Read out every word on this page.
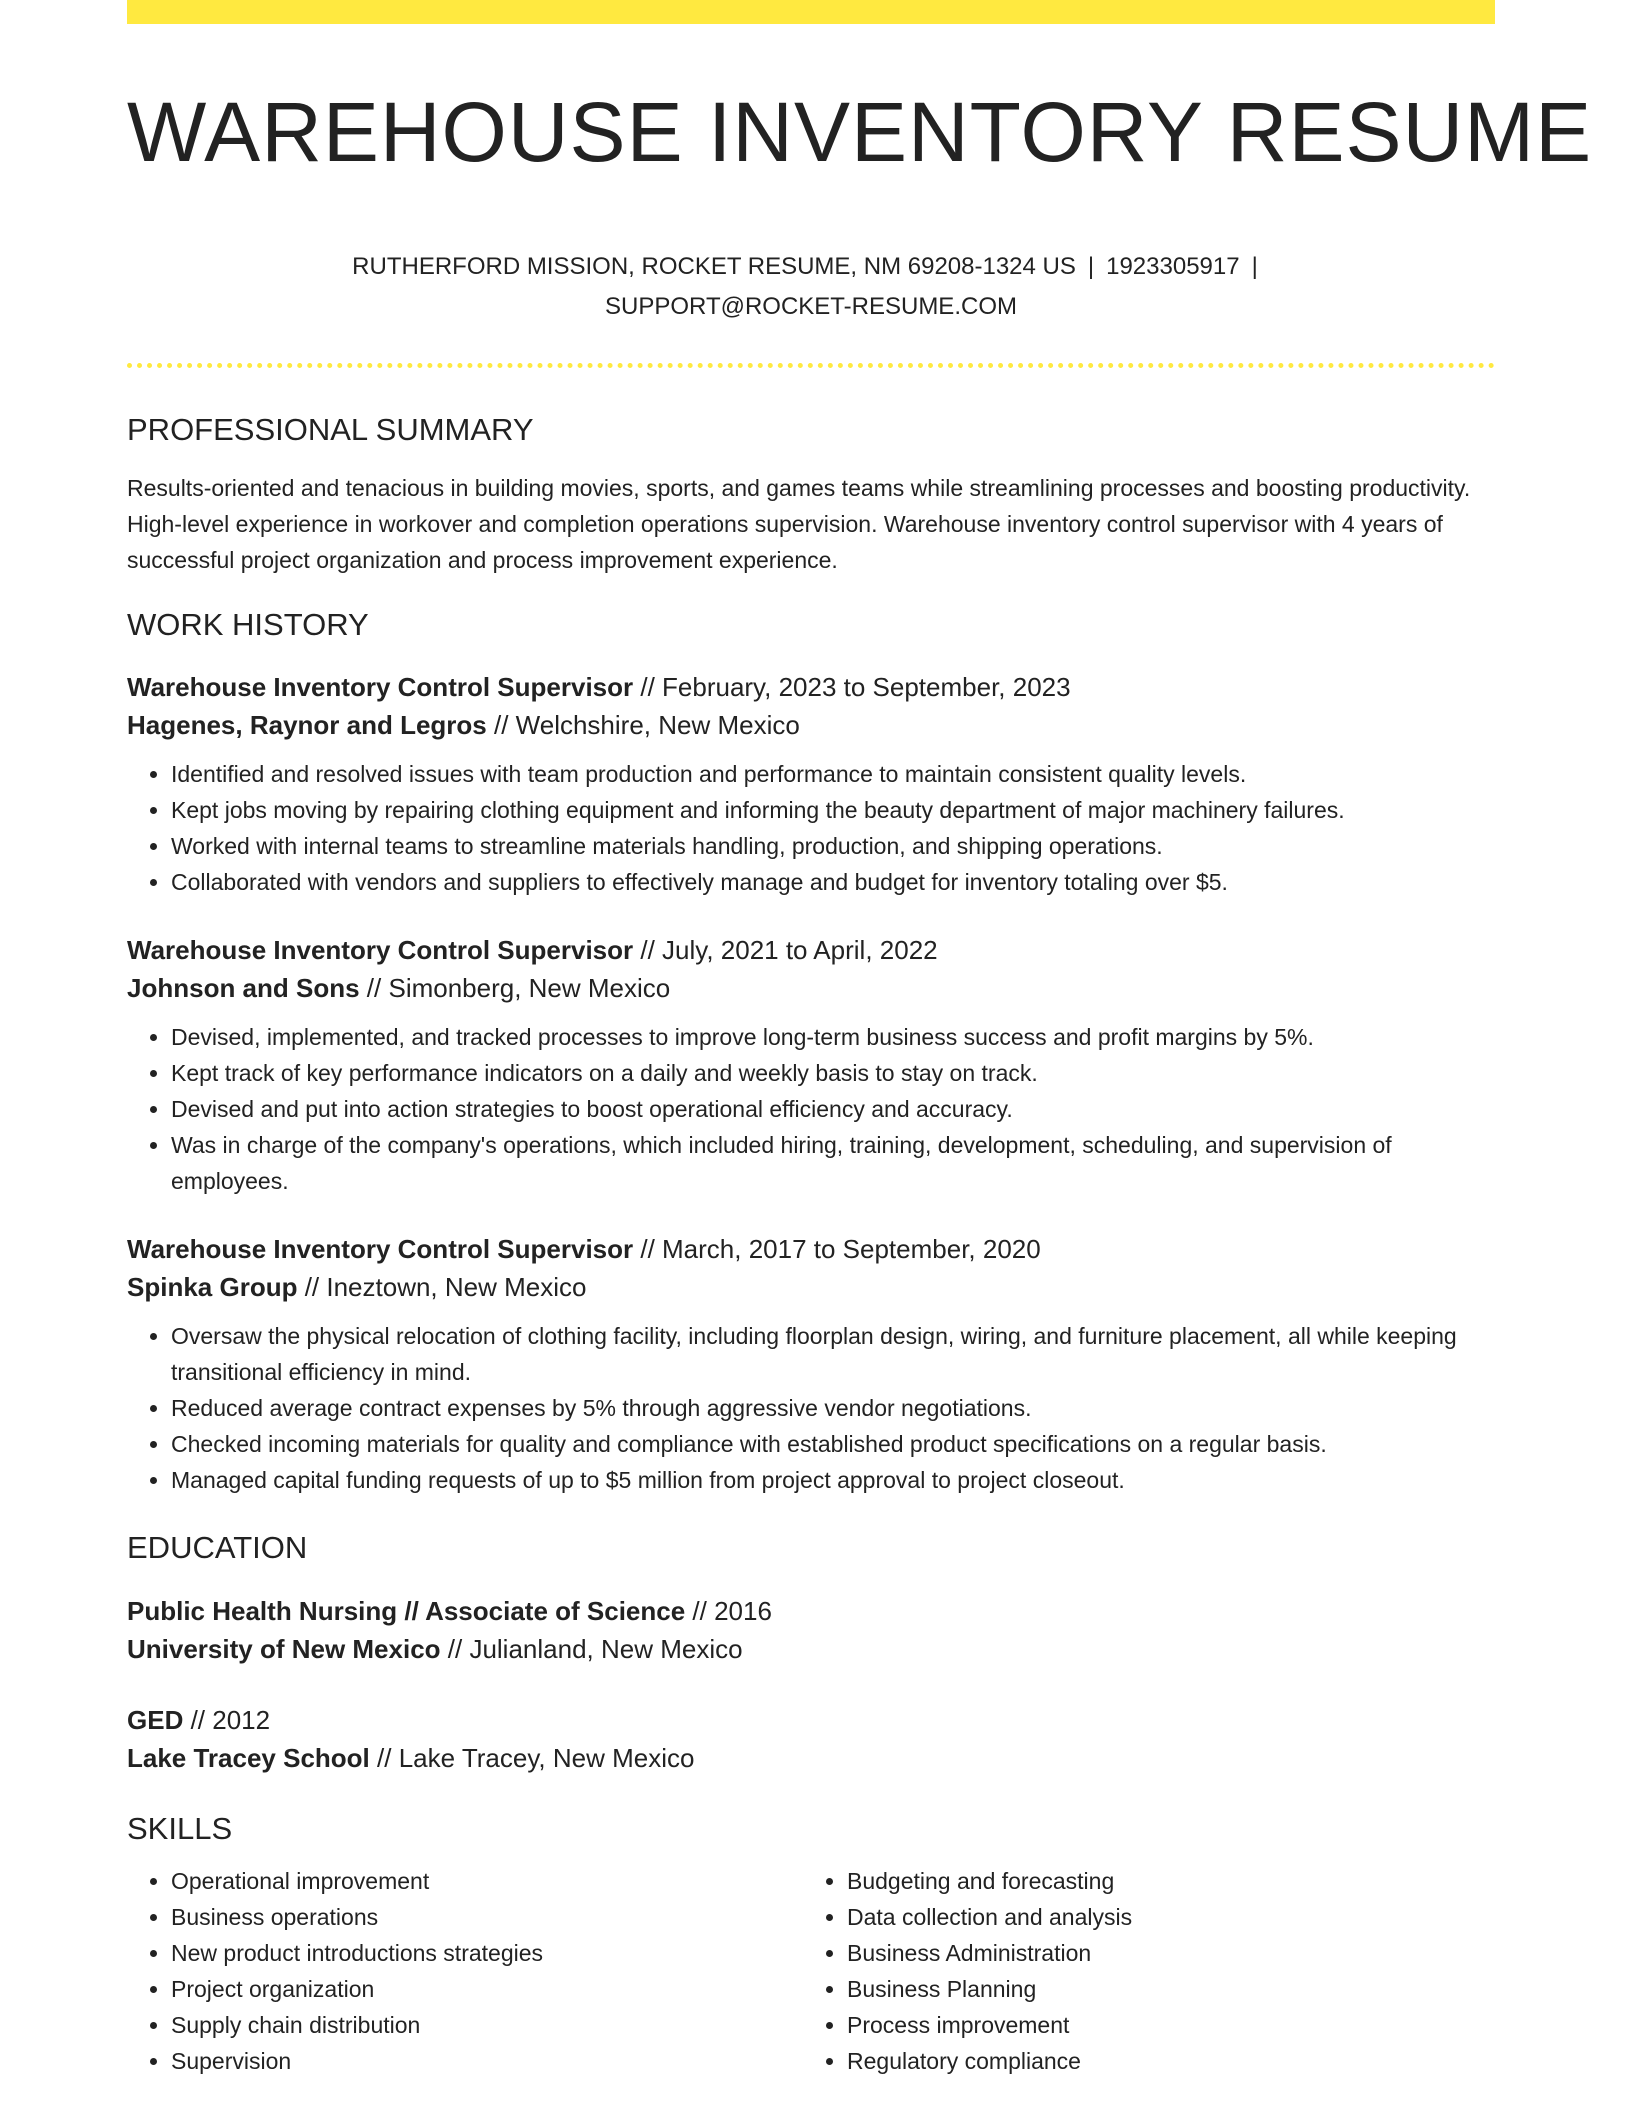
WAREHOUSE INVENTORY RESUME
RUTHERFORD MISSION, ROCKET RESUME, NM 69208-1324 US | 1923305917 |
SUPPORT@ROCKET-RESUME.COM
PROFESSIONAL SUMMARY
Results-oriented and tenacious in building movies, sports, and games teams while streamlining processes and boosting productivity. High-level experience in workover and completion operations supervision. Warehouse inventory control supervisor with 4 years of successful project organization and process improvement experience.
WORK HISTORY
Warehouse Inventory Control Supervisor // February, 2023 to September, 2023
Hagenes, Raynor and Legros // Welchshire, New Mexico
• Identified and resolved issues with team production and performance to maintain consistent quality levels.
• Kept jobs moving by repairing clothing equipment and informing the beauty department of major machinery failures.
• Worked with internal teams to streamline materials handling, production, and shipping operations.
• Collaborated with vendors and suppliers to effectively manage and budget for inventory totaling over $5.
Warehouse Inventory Control Supervisor // July, 2021 to April, 2022
Johnson and Sons // Simonberg, New Mexico
• Devised, implemented, and tracked processes to improve long-term business success and profit margins by 5%.
• Kept track of key performance indicators on a daily and weekly basis to stay on track.
• Devised and put into action strategies to boost operational efficiency and accuracy.
• Was in charge of the company's operations, which included hiring, training, development, scheduling, and supervision of employees.
Warehouse Inventory Control Supervisor // March, 2017 to September, 2020
Spinka Group // Ineztown, New Mexico
• Oversaw the physical relocation of clothing facility, including floorplan design, wiring, and furniture placement, all while keeping transitional efficiency in mind.
• Reduced average contract expenses by 5% through aggressive vendor negotiations.
• Checked incoming materials for quality and compliance with established product specifications on a regular basis.
• Managed capital funding requests of up to $5 million from project approval to project closeout.
EDUCATION
Public Health Nursing // Associate of Science // 2016
University of New Mexico // Julianland, New Mexico
GED // 2012
Lake Tracey School // Lake Tracey, New Mexico
SKILLS
• Operational improvement
• Business operations
• New product introductions strategies
• Project organization
• Supply chain distribution
• Supervision
• Budgeting and forecasting
• Data collection and analysis
• Business Administration
• Business Planning
• Process improvement
• Regulatory compliance
